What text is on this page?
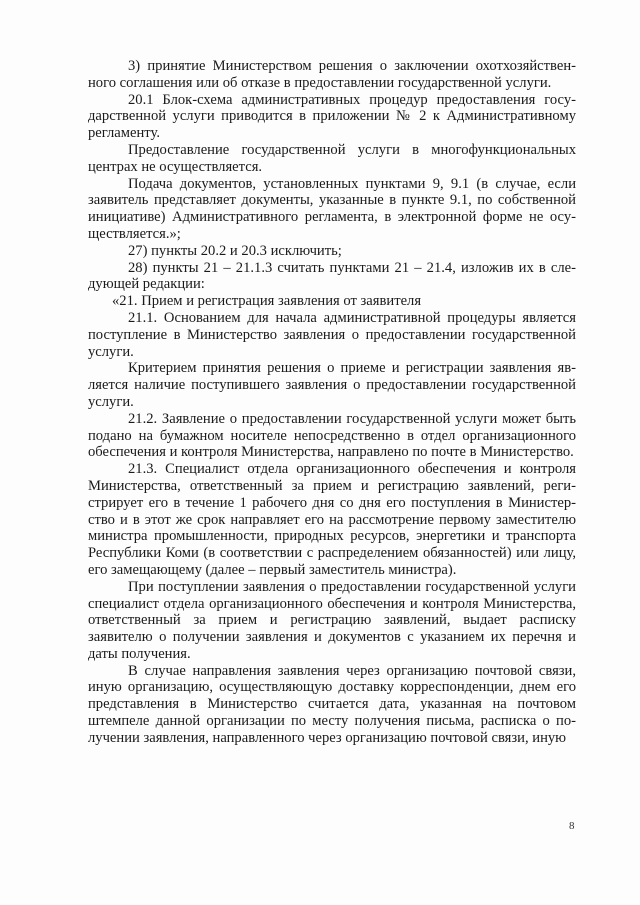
3) принятие Министерством решения о заключении охотхозяйственного соглашения или об отказе в предоставлении государственной услуги.

20.1 Блок-схема административных процедур предоставления государственной услуги приводится в приложении № 2 к Административному регламенту.

Предоставление государственной услуги в многофункциональных центрах не осуществляется.

Подача документов, установленных пунктами 9, 9.1 (в случае, если заявитель представляет документы, указанные в пункте 9.1, по собственной инициативе) Административного регламента, в электронной форме не осуществляется.»;

27) пункты 20.2 и 20.3 исключить;

28) пункты 21 – 21.1.3 считать пунктами 21 – 21.4, изложив их в следующей редакции:

«21. Прием и регистрация заявления от заявителя

21.1. Основанием для начала административной процедуры является поступление в Министерство заявления о предоставлении государственной услуги.

Критерием принятия решения о приеме и регистрации заявления является наличие поступившего заявления о предоставлении государственной услуги.

21.2. Заявление о предоставлении государственной услуги может быть подано на бумажном носителе непосредственно в отдел организационного обеспечения и контроля Министерства, направлено по почте в Министерство.

21.3. Специалист отдела организационного обеспечения и контроля Министерства, ответственный за прием и регистрацию заявлений, регистрирует его в течение 1 рабочего дня со дня его поступления в Министерство и в этот же срок направляет его на рассмотрение первому заместителю министра промышленности, природных ресурсов, энергетики и транспорта Республики Коми (в соответствии с распределением обязанностей) или лицу, его замещающему (далее – первый заместитель министра).

При поступлении заявления о предоставлении государственной услуги специалист отдела организационного обеспечения и контроля Министерства, ответственный за прием и регистрацию заявлений, выдает расписку заявителю о получении заявления и документов с указанием их перечня и даты получения.

В случае направления заявления через организацию почтовой связи, иную организацию, осуществляющую доставку корреспонденции, днем его представления в Министерство считается дата, указанная на почтовом штемпеле данной организации по месту получения письма, расписка о получении заявления, направленного через организацию почтовой связи, иную

8
